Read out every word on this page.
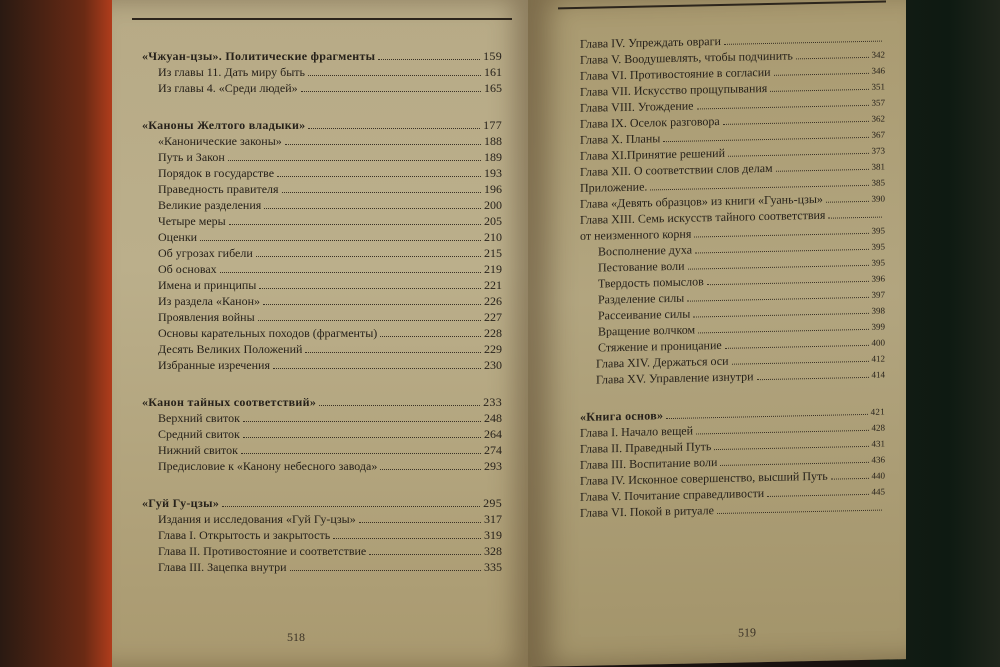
«Чжуан-цзы». Политические фрагменты	159
Из главы 11. Дать миру быть	161
Из главы 4. «Среди людей»	165
«Каноны Желтого владыки»	177
«Канонические законы»	188
Путь и Закон	189
Порядок в государстве	193
Праведность правителя	196
Великие разделения	200
Четыре меры	205
Оценки	210
Об угрозах гибели	215
Об основах	219
Имена и принципы	221
Из раздела «Канон»	226
Проявления войны	227
Основы карательных походов (фрагменты)	228
Десять Великих Положений	229
Избранные изречения	230
«Канон тайных соответствий»	233
Верхний свиток	248
Средний свиток	264
Нижний свиток	274
Предисловие к «Канону небесного завода»	293
«Гуй Гу-цзы»	295
Издания и исследования «Гуй Гу-цзы»	317
Глава I. Открытость и закрытость	319
Глава II. Противостояние и соответствие	328
Глава III. Зацепка внутри	335
518
Глава IV. Упреждать овраги
Глава V. Воодушевлять, чтобы подчинить	342
Глава VI. Противостояние в согласии	346
Глава VII. Искусство прощупывания	351
Глава VIII. Угождение	357
Глава IX. Оселок разговора	362
Глава X. Планы	367
Глава XI.Принятие решений	373
Глава XII. О соответствии слов делам	381
Приложение.	385
Глава «Девять образцов» из книги «Гуань-цзы»	390
Глава XIII. Семь искусств тайного соответствия
от неизменного корня	395
Восполнение духа	395
Пестование воли	395
Твердость помыслов	396
Разделение силы	397
Рассеивание силы	398
Вращение волчком	399
Стяжение и проницание	400
Глава XIV. Держаться оси	412
Глава XV. Управление изнутри	414
«Книга основ»	421
Глава I. Начало вещей	428
Глава II. Праведный Путь	431
Глава III. Воспитание воли	436
Глава IV. Исконное совершенство, высший Путь	440
Глава V. Почитание справедливости	445
Глава VI. Покой в ритуале
519
